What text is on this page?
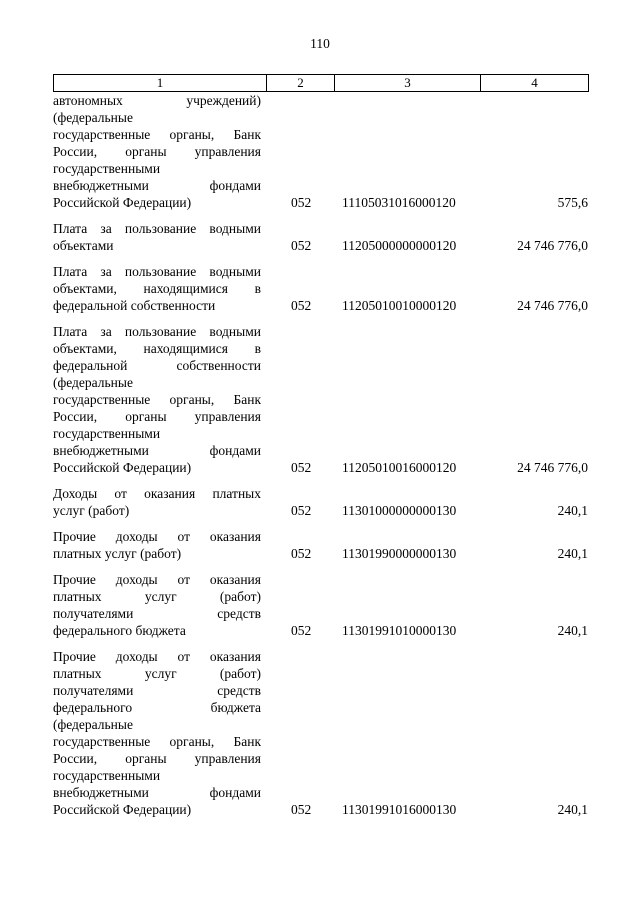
110
1	2	3	4
автономных учреждений)
(федеральные
государственные органы, Банк
России, органы управления
государственными
внебюджетными фондами
Российской Федерации)	052 11105031016000120	575,6
Плата за пользование водными
объектами	052 11205000000000120	24 746 776,0
Плата за пользование водными
объектами, находящимися в
федеральной собственности	052 11205010010000120	24 746 776,0
Плата за пользование водными
объектами, находящимися в
федеральной собственности
(федеральные
государственные органы, Банк
России, органы управления
государственными
внебюджетными фондами
Российской Федерации)	052 11205010016000120	24 746 776,0
Доходы от оказания платных
услуг (работ)	052 11301000000000130	240,1
Прочие доходы от оказания
платных услуг (работ)	052 11301990000000130	240,1
Прочие доходы от оказания
платных услуг (работ)
получателями средств
федерального бюджета	052 11301991010000130	240,1
Прочие доходы от оказания
платных услуг (работ)
получателями средств
федерального бюджета
(федеральные
государственные органы, Банк
России, органы управления
государственными
внебюджетными фондами
Российской Федерации)	052 11301991016000130	240,1
